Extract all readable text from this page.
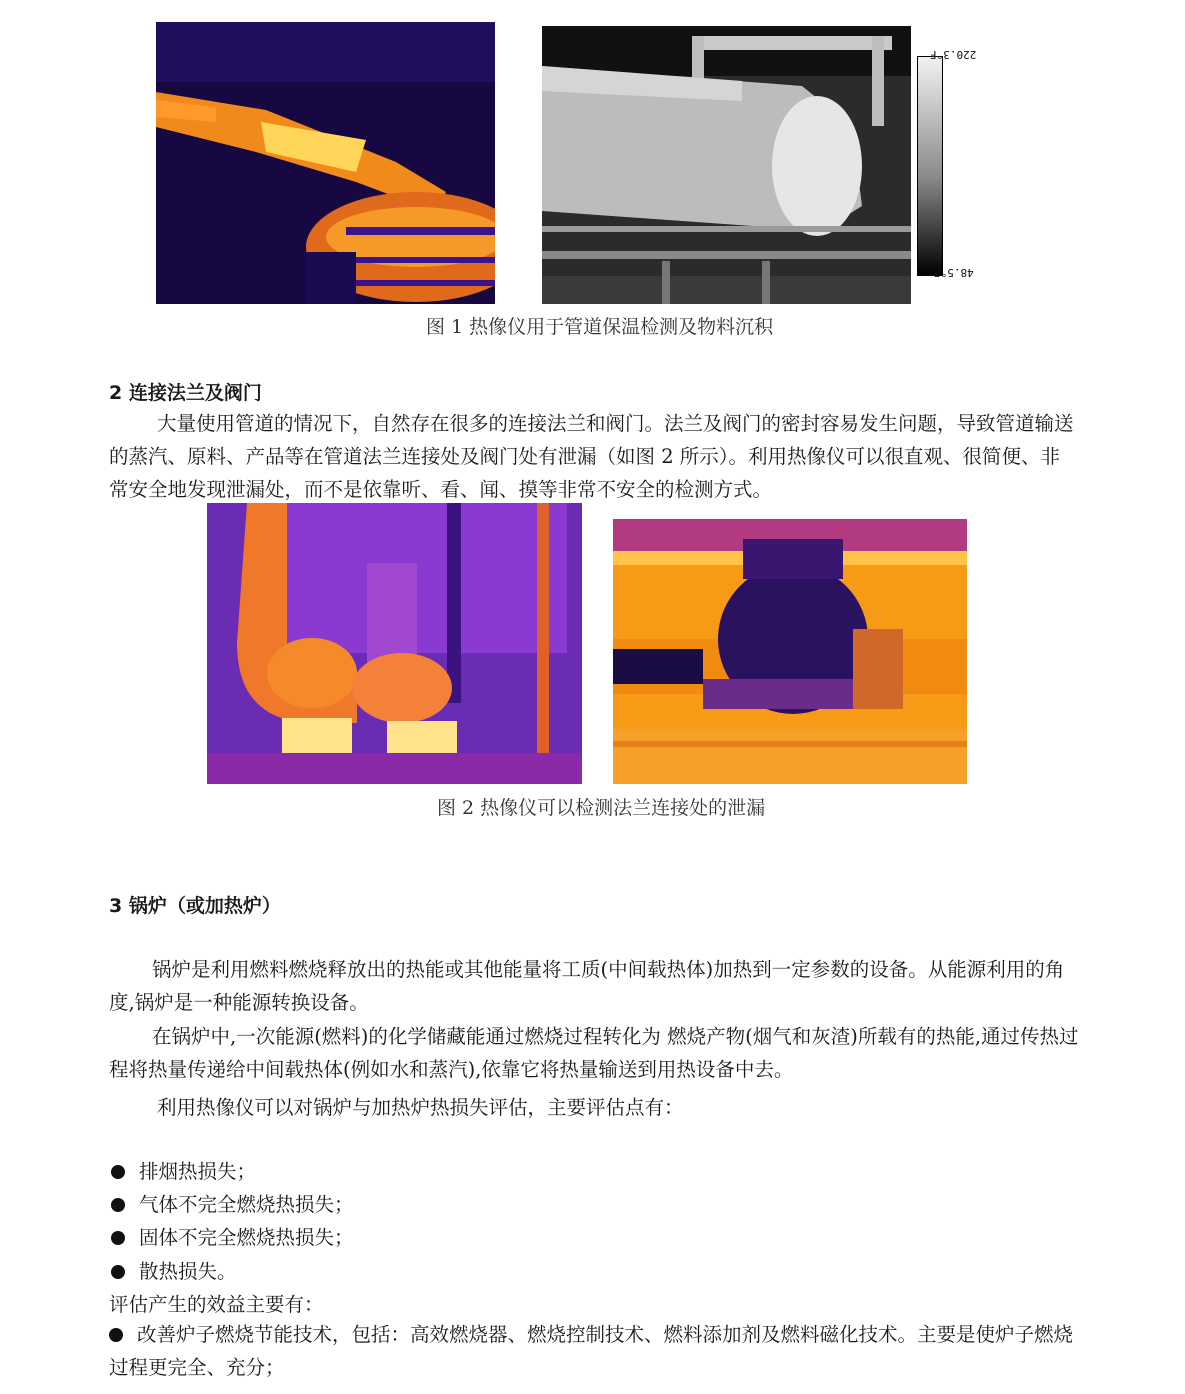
220.3°F
48.5°F
图 1 热像仪用于管道保温检测及物料沉积
2 连接法兰及阀门
大量使用管道的情况下，自然存在很多的连接法兰和阀门。法兰及阀门的密封容易发生问题，导致管道输送的蒸汽、原料、产品等在管道法兰连接处及阀门处有泄漏（如图 2 所示）。利用热像仪可以很直观、很简便、非常安全地发现泄漏处，而不是依靠听、看、闻、摸等非常不安全的检测方式。
图 2 热像仪可以检测法兰连接处的泄漏
3 锅炉（或加热炉）
锅炉是利用燃料燃烧释放出的热能或其他能量将工质(中间载热体)加热到一定参数的设备。从能源利用的角度,锅炉是一种能源转换设备。
在锅炉中,一次能源(燃料)的化学储藏能通过燃烧过程转化为 燃烧产物(烟气和灰渣)所载有的热能,通过传热过 程将热量传递给中间载热体(例如水和蒸汽),依靠它将热量输送到用热设备中去。
利用热像仪可以对锅炉与加热炉热损失评估，主要评估点有：
排烟热损失；
气体不完全燃烧热损失；
固体不完全燃烧热损失；
散热损失。
评估产生的效益主要有：
改善炉子燃烧节能技术，包括：高效燃烧器、燃烧控制技术、燃料添加剂及燃料磁化技术。主要是使炉子燃烧过程更完全、充分；
